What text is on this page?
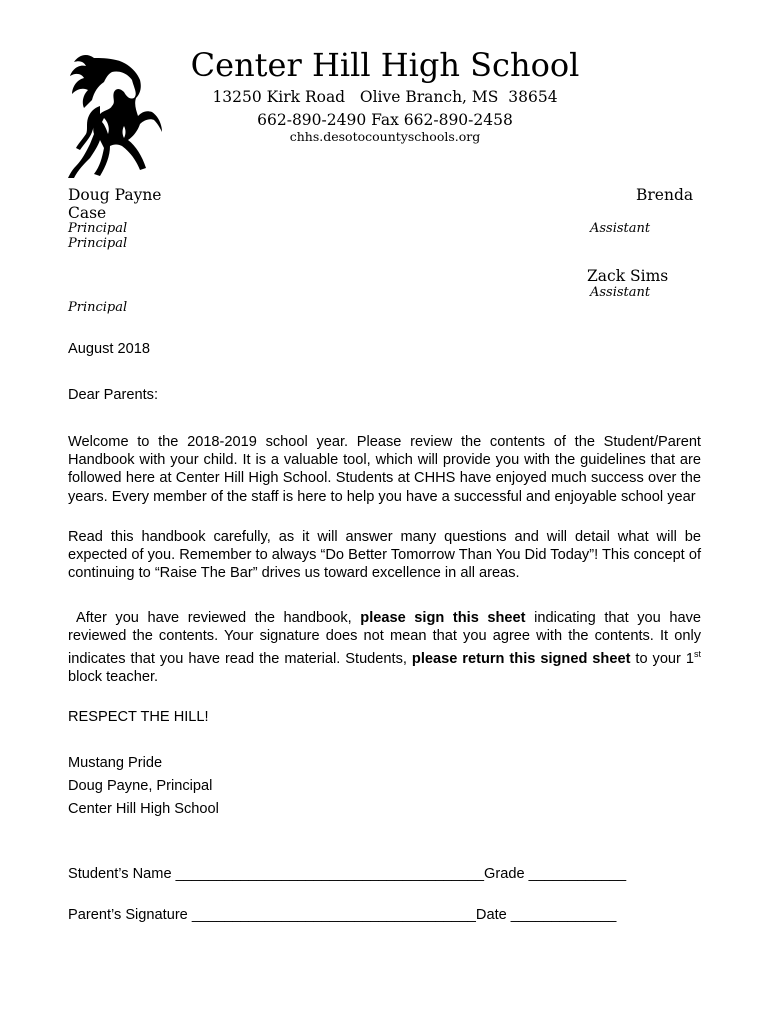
Center Hill High School

13250 Kirk Road   Olive Branch, MS  38654

662-890-2490 Fax 662-890-2458

chhs.desotocountyschools.org

Doug Payne	Brenda

Case

Principal	Assistant

Principal

Zack Sims

Assistant

Principal

August 2018

Dear Parents:

Welcome to the 2018-2019 school year. Please review the contents of the Student/Parent Handbook with your child. It is a valuable tool, which will provide you with the guidelines that are followed here at Center Hill High School. Students at CHHS have enjoyed much success over the years. Every member of the staff is here to help you have a successful and enjoyable school year

Read this handbook carefully, as it will answer many questions and will detail what will be expected of you. Remember to always “Do Better Tomorrow Than You Did Today”! This concept of continuing to “Raise The Bar” drives us toward excellence in all areas.

After you have reviewed the handbook, please sign this sheet indicating that you have reviewed the contents. Your signature does not mean that you agree with the contents. It only indicates that you have read the material. Students, please return this signed sheet to your 1st block teacher.

RESPECT THE HILL!

Mustang Pride

Doug Payne, Principal

Center Hill High School

Student’s Name ______________________________________Grade ____________

Parent’s Signature ___________________________________Date _____________
